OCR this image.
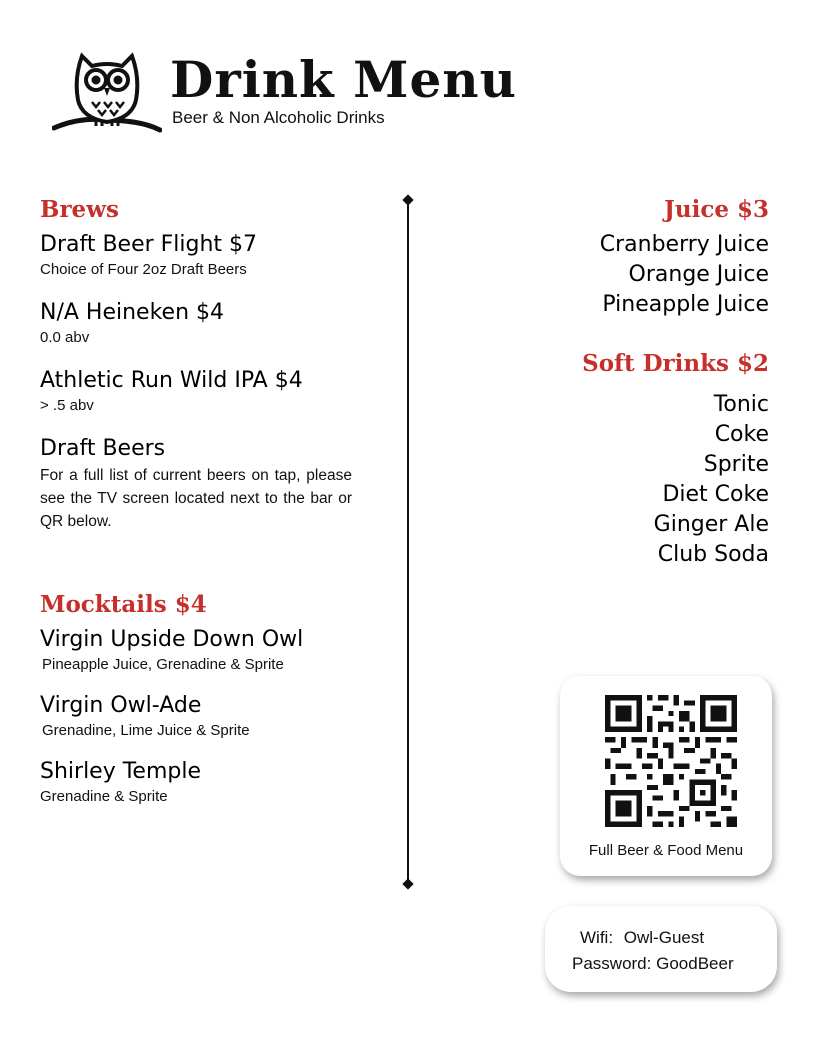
Drink Menu
Beer & Non Alcoholic Drinks
Brews
Draft Beer Flight $7
Choice of Four 2oz Draft Beers
N/A Heineken $4
0.0 abv
Athletic Run Wild IPA $4
> .5 abv
Draft Beers
For a full list of current beers on tap, please see the TV screen located next to the bar or QR below.
Mocktails $4
Virgin Upside Down Owl
Pineapple Juice, Grenadine & Sprite
Virgin Owl-Ade
Grenadine, Lime Juice & Sprite
Shirley Temple
Grenadine & Sprite
Juice $3
Cranberry Juice
Orange Juice
Pineapple Juice
Soft Drinks $2
Tonic
Coke
Sprite
Diet Coke
Ginger Ale
Club Soda
Full Beer & Food Menu
Wifi: Owl-Guest
Password: GoodBeer
